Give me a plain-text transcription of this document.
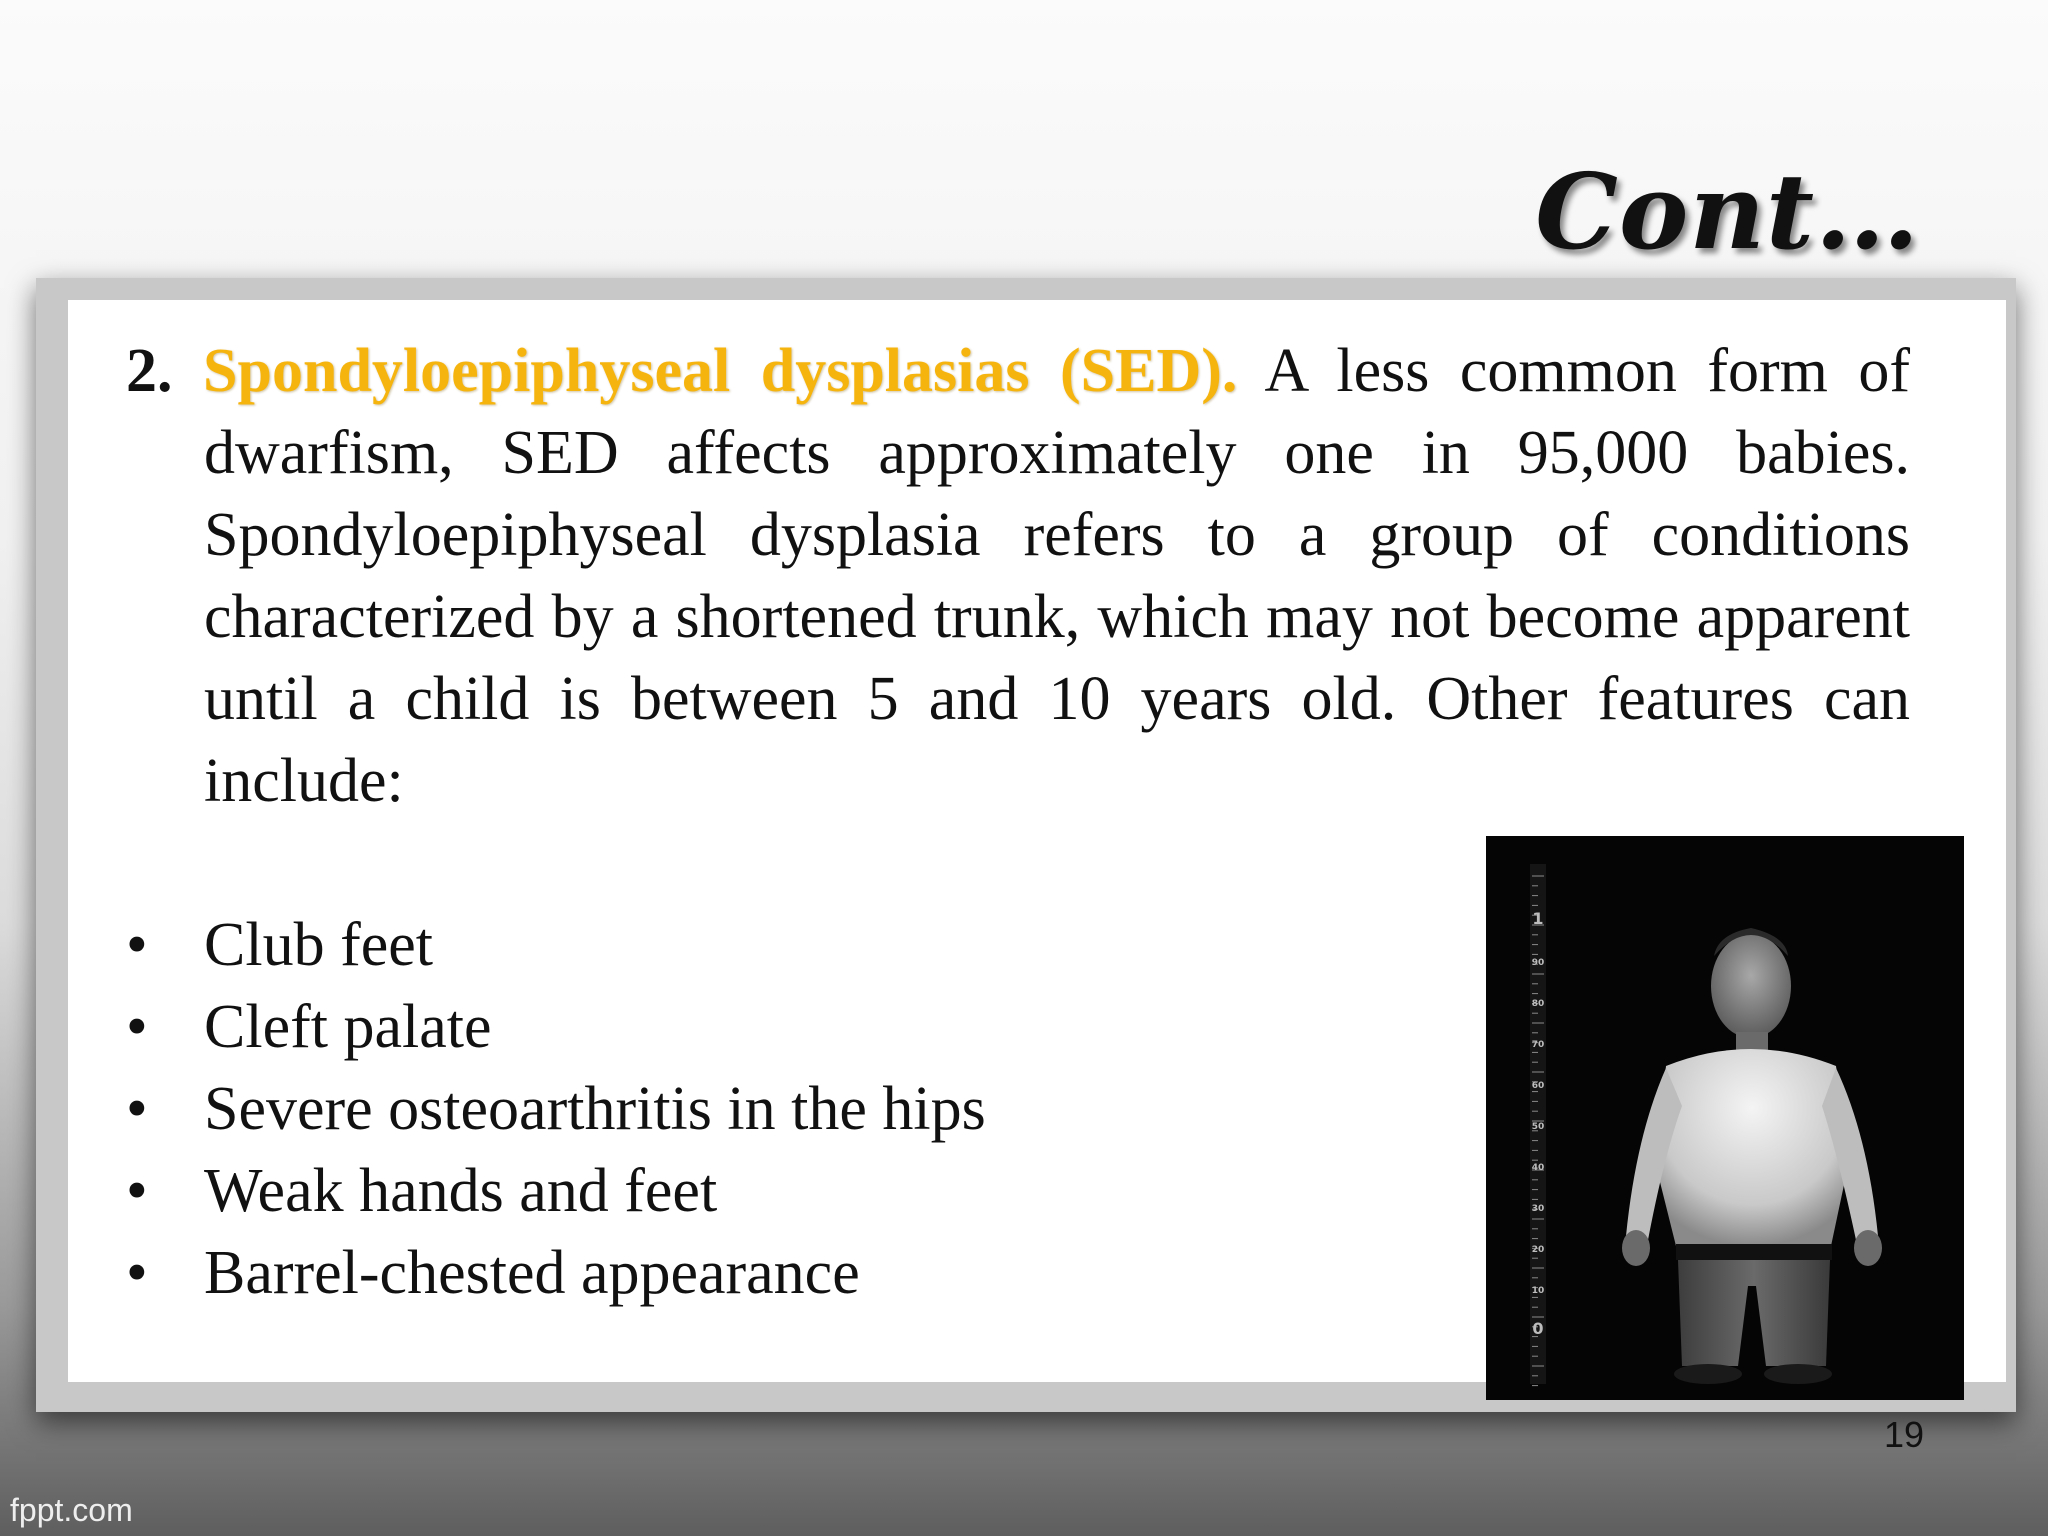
Cont…

2. Spondyloepiphyseal dysplasias (SED). A less common form of dwarfism, SED affects approximately one in 95,000 babies. Spondyloepiphyseal dysplasia refers to a group of conditions characterized by a shortened trunk, which may not become apparent until a child is between 5 and 10 years old. Other features can include:

• Club feet
• Cleft palate
• Severe osteoarthritis in the hips
• Weak hands and feet
• Barrel-chested appearance
1
90
80
70
60
50
40
30
20
10
0
19
fppt.com
